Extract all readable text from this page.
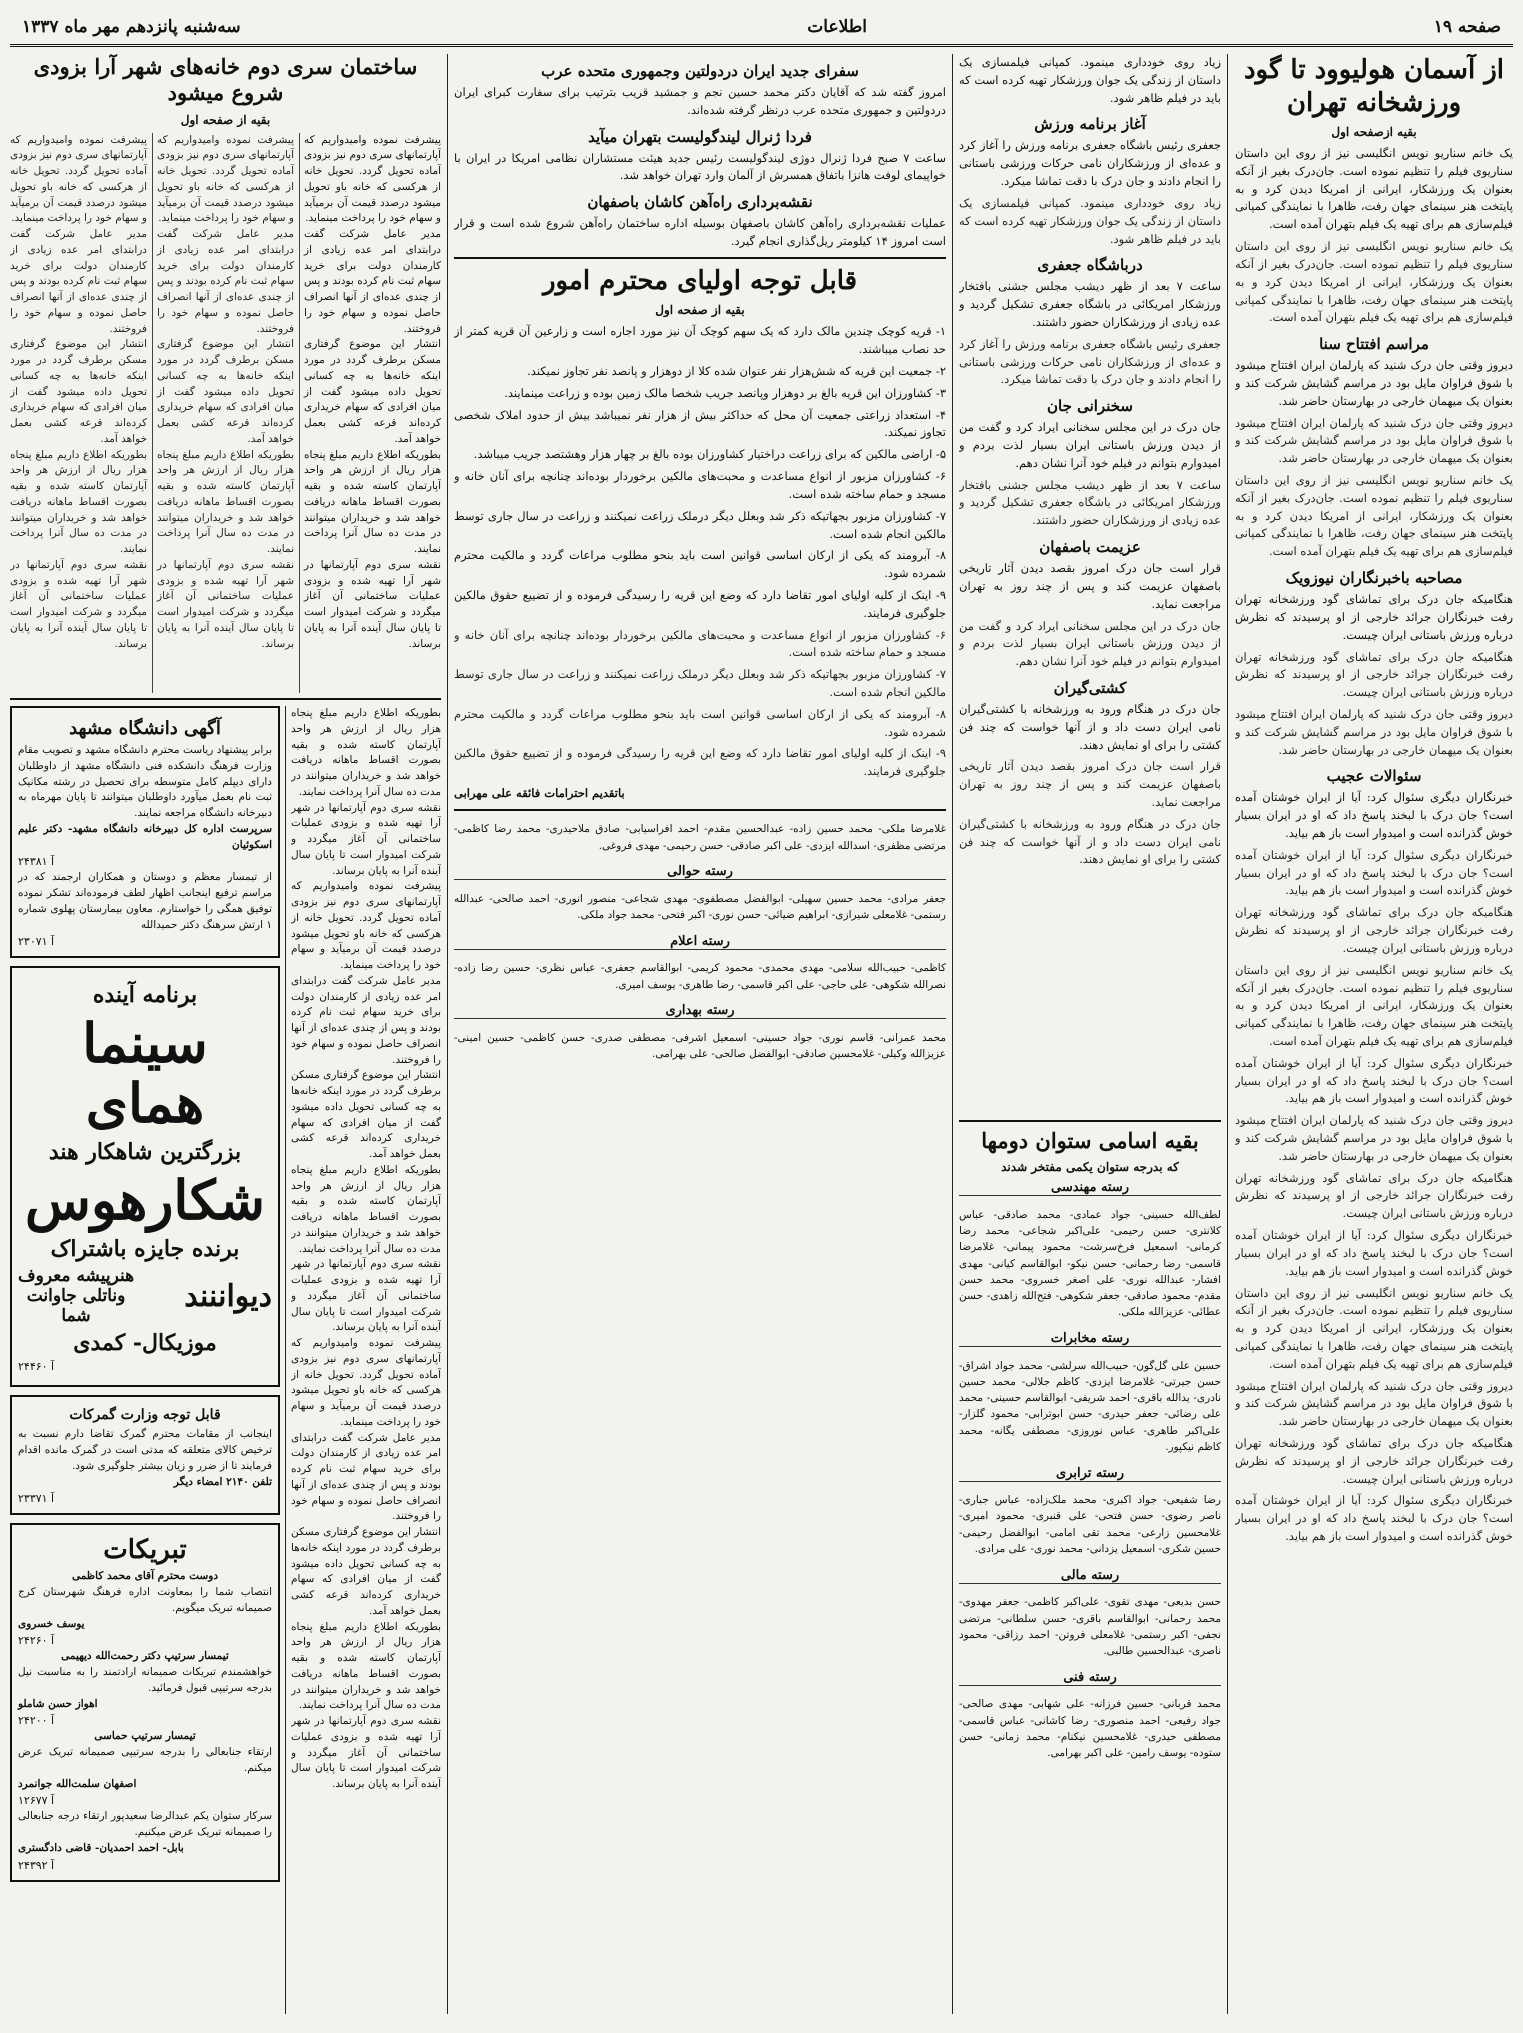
صفحه ۱۹
اطلاعات
سه‌شنبه پانزدهم مهر ماه ۱۳۳۷
از آسمان هولیوود تا گود ورزشخانه تهران
بقیه ازصفحه اول

یک خانم سناریو نویس انگلیسی نیز از روی این داستان سناریوی فیلم را تنظیم نموده است. جان‌درک بغیر از آنکه بعنوان یک ورزشکار، ایرانی از امریکا دیدن کرد و به پایتخت هنر سینمای جهان رفت، ظاهرا با نمایندگی کمپانی فیلم‌سازی هم برای تهیه یک فیلم بتهران آمده است.

یک خانم سناریو نویس انگلیسی نیز از روی این داستان سناریوی فیلم را تنظیم نموده است. جان‌درک بغیر از آنکه بعنوان یک ورزشکار، ایرانی از امریکا دیدن کرد و به پایتخت هنر سینمای جهان رفت، ظاهرا با نمایندگی کمپانی فیلم‌سازی هم برای تهیه یک فیلم بتهران آمده است.

مراسم افتتاح سنا

دیروز وقتی جان درک شنید که پارلمان ایران افتتاح میشود با شوق فراوان مایل بود در مراسم گشایش شرکت کند و بعنوان یک میهمان خارجی در بهارستان حاضر شد.

دیروز وقتی جان درک شنید که پارلمان ایران افتتاح میشود با شوق فراوان مایل بود در مراسم گشایش شرکت کند و بعنوان یک میهمان خارجی در بهارستان حاضر شد.

یک خانم سناریو نویس انگلیسی نیز از روی این داستان سناریوی فیلم را تنظیم نموده است. جان‌درک بغیر از آنکه بعنوان یک ورزشکار، ایرانی از امریکا دیدن کرد و به پایتخت هنر سینمای جهان رفت، ظاهرا با نمایندگی کمپانی فیلم‌سازی هم برای تهیه یک فیلم بتهران آمده است.

مصاحبه باخبرنگاران نیوزویک

هنگامیکه جان درک برای تماشای گود ورزشخانه تهران رفت خبرنگاران جرائد خارجی از او پرسیدند که نظرش درباره ورزش باستانی ایران چیست.

هنگامیکه جان درک برای تماشای گود ورزشخانه تهران رفت خبرنگاران جرائد خارجی از او پرسیدند که نظرش درباره ورزش باستانی ایران چیست.

دیروز وقتی جان درک شنید که پارلمان ایران افتتاح میشود با شوق فراوان مایل بود در مراسم گشایش شرکت کند و بعنوان یک میهمان خارجی در بهارستان حاضر شد.

سئوالات عجیب

خبرنگاران دیگری سئوال کرد: آیا از ایران خوشتان آمده است؟ جان درک با لبخند پاسخ داد که او در ایران بسیار خوش گذرانده است و امیدوار است باز هم بیاید.

خبرنگاران دیگری سئوال کرد: آیا از ایران خوشتان آمده است؟ جان درک با لبخند پاسخ داد که او در ایران بسیار خوش گذرانده است و امیدوار است باز هم بیاید.

هنگامیکه جان درک برای تماشای گود ورزشخانه تهران رفت خبرنگاران جرائد خارجی از او پرسیدند که نظرش درباره ورزش باستانی ایران چیست.

یک خانم سناریو نویس انگلیسی نیز از روی این داستان سناریوی فیلم را تنظیم نموده است. جان‌درک بغیر از آنکه بعنوان یک ورزشکار، ایرانی از امریکا دیدن کرد و به پایتخت هنر سینمای جهان رفت، ظاهرا با نمایندگی کمپانی فیلم‌سازی هم برای تهیه یک فیلم بتهران آمده است.

خبرنگاران دیگری سئوال کرد: آیا از ایران خوشتان آمده است؟ جان درک با لبخند پاسخ داد که او در ایران بسیار خوش گذرانده است و امیدوار است باز هم بیاید.

دیروز وقتی جان درک شنید که پارلمان ایران افتتاح میشود با شوق فراوان مایل بود در مراسم گشایش شرکت کند و بعنوان یک میهمان خارجی در بهارستان حاضر شد.

هنگامیکه جان درک برای تماشای گود ورزشخانه تهران رفت خبرنگاران جرائد خارجی از او پرسیدند که نظرش درباره ورزش باستانی ایران چیست.

خبرنگاران دیگری سئوال کرد: آیا از ایران خوشتان آمده است؟ جان درک با لبخند پاسخ داد که او در ایران بسیار خوش گذرانده است و امیدوار است باز هم بیاید.

یک خانم سناریو نویس انگلیسی نیز از روی این داستان سناریوی فیلم را تنظیم نموده است. جان‌درک بغیر از آنکه بعنوان یک ورزشکار، ایرانی از امریکا دیدن کرد و به پایتخت هنر سینمای جهان رفت، ظاهرا با نمایندگی کمپانی فیلم‌سازی هم برای تهیه یک فیلم بتهران آمده است.

دیروز وقتی جان درک شنید که پارلمان ایران افتتاح میشود با شوق فراوان مایل بود در مراسم گشایش شرکت کند و بعنوان یک میهمان خارجی در بهارستان حاضر شد.

هنگامیکه جان درک برای تماشای گود ورزشخانه تهران رفت خبرنگاران جرائد خارجی از او پرسیدند که نظرش درباره ورزش باستانی ایران چیست.

خبرنگاران دیگری سئوال کرد: آیا از ایران خوشتان آمده است؟ جان درک با لبخند پاسخ داد که او در ایران بسیار خوش گذرانده است و امیدوار است باز هم بیاید.

زیاد روی خودداری مینمود. کمپانی فیلمسازی یک داستان از زندگی یک جوان ورزشکار تهیه کرده است که باید در فیلم ظاهر شود.

آغاز برنامه ورزش

جعفری رئیس باشگاه جعفری برنامه ورزش را آغاز کرد و عده‌ای از ورزشکاران نامی حرکات ورزشی باستانی را انجام دادند و جان درک با دقت تماشا میکرد.

زیاد روی خودداری مینمود. کمپانی فیلمسازی یک داستان از زندگی یک جوان ورزشکار تهیه کرده است که باید در فیلم ظاهر شود.

درباشگاه جعفری

ساعت ۷ بعد از ظهر دیشب مجلس جشنی بافتخار ورزشکار امریکائی در باشگاه جعفری تشکیل گردید و عده زیادی از ورزشکاران حضور داشتند.

جعفری رئیس باشگاه جعفری برنامه ورزش را آغاز کرد و عده‌ای از ورزشکاران نامی حرکات ورزشی باستانی را انجام دادند و جان درک با دقت تماشا میکرد.

سخنرانی جان

جان درک در این مجلس سخنانی ایراد کرد و گفت من از دیدن ورزش باستانی ایران بسیار لذت بردم و امیدوارم بتوانم در فیلم خود آنرا نشان دهم.

ساعت ۷ بعد از ظهر دیشب مجلس جشنی بافتخار ورزشکار امریکائی در باشگاه جعفری تشکیل گردید و عده زیادی از ورزشکاران حضور داشتند.

عزیمت باصفهان

قرار است جان درک امروز بقصد دیدن آثار تاریخی باصفهان عزیمت کند و پس از چند روز به تهران مراجعت نماید.

جان درک در این مجلس سخنانی ایراد کرد و گفت من از دیدن ورزش باستانی ایران بسیار لذت بردم و امیدوارم بتوانم در فیلم خود آنرا نشان دهم.

کشتی‌گیران

جان درک در هنگام ورود به ورزشخانه با کشتی‌گیران نامی ایران دست داد و از آنها خواست که چند فن کشتی را برای او نمایش دهند.

قرار است جان درک امروز بقصد دیدن آثار تاریخی باصفهان عزیمت کند و پس از چند روز به تهران مراجعت نماید.

جان درک در هنگام ورود به ورزشخانه با کشتی‌گیران نامی ایران دست داد و از آنها خواست که چند فن کشتی را برای او نمایش دهند.

بقیه اسامی ستوان دومها
که بدرجه ستوان یکمی مفتخر شدند
رسته مهندسی

لطف‌الله حسینی- جواد عمادی- محمد صادقی- عباس کلانتری- حسن رحیمی- علی‌اکبر شجاعی- محمد رضا کرمانی- اسمعیل فرخ‌سرشت- محمود پیمانی- غلامرضا قاسمی- رضا رحمانی- حسن نیکو- ابوالقاسم کیانی- مهدی افشار- عبدالله نوری- علی اصغر خسروی- محمد حسن مقدم- محمود صادقی- جعفر شکوهی- فتح‌الله زاهدی- حسن عطائی- عزیزالله ملکی.

رسته مخابرات

حسین علی گل‌گون- حبیب‌الله سرلشی- محمد جواد اشراق- حسن جیرتی- غلامرضا ایزدی- کاظم جلالی- محمد حسین نادری- یدالله باقری- احمد شریفی- ابوالقاسم حسینی- محمد علی رضائی- جعفر حیدری- حسن ابوترابی- محمود گلزار- علی‌اکبر طاهری- عباس نوروزی- مصطفی یگانه- محمد کاظم نیکپور.

رسته ترابری

رضا شفیعی- جواد اکبری- محمد ملک‌زاده- عباس جباری- ناصر رضوی- حسن فتحی- علی قنبری- محمود امیری- غلامحسین زارعی- محمد تقی امامی- ابوالفضل رحیمی- حسین شکری- اسمعیل یزدانی- محمد نوری- علی مرادی.

رسته مالی

حسن بدیعی- مهدی تقوی- علی‌اکبر کاظمی- جعفر مهدوی- محمد رحمانی- ابوالقاسم باقری- حسن سلطانی- مرتضی نجفی- اکبر رستمی- غلامعلی فروتن- احمد رزاقی- محمود ناصری- عبدالحسین طالبی.

رسته فنی

محمد قربانی- حسین فرزانه- علی شهابی- مهدی صالحی- جواد رفیعی- احمد منصوری- رضا کاشانی- عباس قاسمی- مصطفی حیدری- غلامحسین نیکنام- محمد زمانی- حسن ستوده- یوسف رامین- علی اکبر بهرامی.

سفرای جدید ایران دردولتین وجمهوری متحده عرب

امروز گفته شد که آقایان دکتر محمد حسین نجم و جمشید قریب بترتیب برای سفارت کبرای ایران دردولتین و جمهوری متحده عرب درنظر گرفته شده‌اند.

فردا ژنرال لیندگولیست بتهران میآید

ساعت ۷ صبح فردا ژنرال دوژی لیندگولیست رئیس جدید هیئت مستشاران نظامی امریکا در ایران با خواپیمای لوفت هانزا باتفاق همسرش از آلمان وارد تهران خواهد شد.

نقشه‌برداری راه‌آهن کاشان باصفهان

عملیات نقشه‌برداری راه‌آهن کاشان باصفهان بوسیله اداره ساختمان راه‌آهن شروع شده است و قرار است امروز ۱۴ کیلومتر ریل‌گذاری انجام گیرد.

قابل توجه اولیای محترم امور
بقیه از صفحه اول

۱- قریه کوچک چندین مالک دارد که یک سهم کوچک آن نیز مورد اجاره است و زارعین آن قریه کمتر از حد نصاب میباشند.

۲- جمعیت این قریه که شش‌هزار نفر عنوان شده کلا از دوهزار و پانصد نفر تجاوز نمیکند.

۳- کشاورزان این قریه بالغ بر دوهزار وپانصد جریب شخصا مالک زمین بوده و زراعت مینمایند.

۴- استعداد زراعتی جمعیت آن محل که حداکثر بیش از هزار نفر نمیباشد بیش از حدود املاک شخصی تجاوز نمیکند.

۵- اراضی مالکین که برای زراعت دراختیار کشاورزان بوده بالغ بر چهار هزار وهشتصد جریب میباشد.

۶- کشاورزان مزبور از انواع مساعدت و محبت‌های مالکین برخوردار بوده‌اند چنانچه برای آنان خانه و مسجد و حمام ساخته شده است.

۷- کشاورزان مزبور بجهاتیکه ذکر شد وبعلل دیگر درملک زراعت نمیکنند و زراعت در سال جاری توسط مالکین انجام شده است.

۸- آبرومند که یکی از ارکان اساسی قوانین است باید بنحو مطلوب مراعات گردد و مالکیت محترم شمرده شود.

۹- اینک از کلیه اولیای امور تقاضا دارد که وضع این قریه را رسیدگی فرموده و از تضییع حقوق مالکین جلوگیری فرمایند.

۶- کشاورزان مزبور از انواع مساعدت و محبت‌های مالکین برخوردار بوده‌اند چنانچه برای آنان خانه و مسجد و حمام ساخته شده است.

۷- کشاورزان مزبور بجهاتیکه ذکر شد وبعلل دیگر درملک زراعت نمیکنند و زراعت در سال جاری توسط مالکین انجام شده است.

۸- آبرومند که یکی از ارکان اساسی قوانین است باید بنحو مطلوب مراعات گردد و مالکیت محترم شمرده شود.

۹- اینک از کلیه اولیای امور تقاضا دارد که وضع این قریه را رسیدگی فرموده و از تضییع حقوق مالکین جلوگیری فرمایند.

باتقدیم احترامات فائقه علی مهرابی

غلامرضا ملکی- محمد حسین زاده- عبدالحسین مقدم- احمد افراسیابی- صادق ملاحیدری- محمد رضا کاظمی- مرتضی مظفری- اسدالله ایزدی- علی اکبر صادقی- حسن رحیمی- مهدی فروغی.

رسته حوالی

جعفر مرادی- محمد حسین سهیلی- ابوالفضل مصطفوی- مهدی شجاعی- منصور انوری- احمد صالحی- عبدالله رستمی- غلامعلی شیرازی- ابراهیم ضیائی- حسن نوری- اکبر فتحی- محمد جواد ملکی.

رسته اعلام

کاظمی- حبیب‌الله سلامی- مهدی محمدی- محمود کریمی- ابوالقاسم جعفری- عباس نظری- حسین رضا زاده- نصرالله شکوهی- علی حاجی- علی اکبر قاسمی- رضا طاهری- یوسف امیری.

رسته بهداری

محمد عمرانی- قاسم نوری- جواد حسینی- اسمعیل اشرفی- مصطفی صدری- حسن کاظمی- حسین امینی- عزیزالله وکیلی- غلامحسین صادقی- ابوالفضل صالحی- علی بهرامی.

ساختمان سری دوم خانه‌های شهر آرا بزودی شروع میشود
بقیه از صفحه اول

پیشرفت نموده وامیدواریم که آپارتمانهای سری دوم نیز بزودی آماده تحویل گردد. تحویل خانه از هرکسی که خانه باو تحویل میشود درصدد قیمت آن برمیآید و سهام خود را پرداخت مینماید.

مدیر عامل شرکت گفت درابتدای امر عده زیادی از کارمندان دولت برای خرید سهام ثبت نام کرده بودند و پس از چندی عده‌ای از آنها انصراف حاصل نموده و سهام خود را فروختند.

انتشار این موضوع گرفتاری مسکن برطرف گردد در مورد اینکه خانه‌ها به چه کسانی تحویل داده میشود گفت از میان افرادی که سهام خریداری کرده‌اند قرعه کشی بعمل خواهد آمد.

بطوریکه اطلاع داریم مبلغ پنجاه هزار ریال از ارزش هر واحد آپارتمان کاسته شده و بقیه بصورت اقساط ماهانه دریافت خواهد شد و خریداران میتوانند در مدت ده سال آنرا پرداخت نمایند.

نقشه سری دوم آپارتمانها در شهر آرا تهیه شده و بزودی عملیات ساختمانی آن آغاز میگردد و شرکت امیدوار است تا پایان سال آینده آنرا به پایان برساند.

پیشرفت نموده وامیدواریم که آپارتمانهای سری دوم نیز بزودی آماده تحویل گردد. تحویل خانه از هرکسی که خانه باو تحویل میشود درصدد قیمت آن برمیآید و سهام خود را پرداخت مینماید.

مدیر عامل شرکت گفت درابتدای امر عده زیادی از کارمندان دولت برای خرید سهام ثبت نام کرده بودند و پس از چندی عده‌ای از آنها انصراف حاصل نموده و سهام خود را فروختند.

انتشار این موضوع گرفتاری مسکن برطرف گردد در مورد اینکه خانه‌ها به چه کسانی تحویل داده میشود گفت از میان افرادی که سهام خریداری کرده‌اند قرعه کشی بعمل خواهد آمد.

بطوریکه اطلاع داریم مبلغ پنجاه هزار ریال از ارزش هر واحد آپارتمان کاسته شده و بقیه بصورت اقساط ماهانه دریافت خواهد شد و خریداران میتوانند در مدت ده سال آنرا پرداخت نمایند.

نقشه سری دوم آپارتمانها در شهر آرا تهیه شده و بزودی عملیات ساختمانی آن آغاز میگردد و شرکت امیدوار است تا پایان سال آینده آنرا به پایان برساند.

پیشرفت نموده وامیدواریم که آپارتمانهای سری دوم نیز بزودی آماده تحویل گردد. تحویل خانه از هرکسی که خانه باو تحویل میشود درصدد قیمت آن برمیآید و سهام خود را پرداخت مینماید.

مدیر عامل شرکت گفت درابتدای امر عده زیادی از کارمندان دولت برای خرید سهام ثبت نام کرده بودند و پس از چندی عده‌ای از آنها انصراف حاصل نموده و سهام خود را فروختند.

انتشار این موضوع گرفتاری مسکن برطرف گردد در مورد اینکه خانه‌ها به چه کسانی تحویل داده میشود گفت از میان افرادی که سهام خریداری کرده‌اند قرعه کشی بعمل خواهد آمد.

بطوریکه اطلاع داریم مبلغ پنجاه هزار ریال از ارزش هر واحد آپارتمان کاسته شده و بقیه بصورت اقساط ماهانه دریافت خواهد شد و خریداران میتوانند در مدت ده سال آنرا پرداخت نمایند.

نقشه سری دوم آپارتمانها در شهر آرا تهیه شده و بزودی عملیات ساختمانی آن آغاز میگردد و شرکت امیدوار است تا پایان سال آینده آنرا به پایان برساند.

بطوریکه اطلاع داریم مبلغ پنجاه هزار ریال از ارزش هر واحد آپارتمان کاسته شده و بقیه بصورت اقساط ماهانه دریافت خواهد شد و خریداران میتوانند در مدت ده سال آنرا پرداخت نمایند.

نقشه سری دوم آپارتمانها در شهر آرا تهیه شده و بزودی عملیات ساختمانی آن آغاز میگردد و شرکت امیدوار است تا پایان سال آینده آنرا به پایان برساند.

پیشرفت نموده وامیدواریم که آپارتمانهای سری دوم نیز بزودی آماده تحویل گردد. تحویل خانه از هرکسی که خانه باو تحویل میشود درصدد قیمت آن برمیآید و سهام خود را پرداخت مینماید.

مدیر عامل شرکت گفت درابتدای امر عده زیادی از کارمندان دولت برای خرید سهام ثبت نام کرده بودند و پس از چندی عده‌ای از آنها انصراف حاصل نموده و سهام خود را فروختند.

انتشار این موضوع گرفتاری مسکن برطرف گردد در مورد اینکه خانه‌ها به چه کسانی تحویل داده میشود گفت از میان افرادی که سهام خریداری کرده‌اند قرعه کشی بعمل خواهد آمد.

بطوریکه اطلاع داریم مبلغ پنجاه هزار ریال از ارزش هر واحد آپارتمان کاسته شده و بقیه بصورت اقساط ماهانه دریافت خواهد شد و خریداران میتوانند در مدت ده سال آنرا پرداخت نمایند.

نقشه سری دوم آپارتمانها در شهر آرا تهیه شده و بزودی عملیات ساختمانی آن آغاز میگردد و شرکت امیدوار است تا پایان سال آینده آنرا به پایان برساند.

پیشرفت نموده وامیدواریم که آپارتمانهای سری دوم نیز بزودی آماده تحویل گردد. تحویل خانه از هرکسی که خانه باو تحویل میشود درصدد قیمت آن برمیآید و سهام خود را پرداخت مینماید.

مدیر عامل شرکت گفت درابتدای امر عده زیادی از کارمندان دولت برای خرید سهام ثبت نام کرده بودند و پس از چندی عده‌ای از آنها انصراف حاصل نموده و سهام خود را فروختند.

انتشار این موضوع گرفتاری مسکن برطرف گردد در مورد اینکه خانه‌ها به چه کسانی تحویل داده میشود گفت از میان افرادی که سهام خریداری کرده‌اند قرعه کشی بعمل خواهد آمد.

بطوریکه اطلاع داریم مبلغ پنجاه هزار ریال از ارزش هر واحد آپارتمان کاسته شده و بقیه بصورت اقساط ماهانه دریافت خواهد شد و خریداران میتوانند در مدت ده سال آنرا پرداخت نمایند.

نقشه سری دوم آپارتمانها در شهر آرا تهیه شده و بزودی عملیات ساختمانی آن آغاز میگردد و شرکت امیدوار است تا پایان سال آینده آنرا به پایان برساند.

آگهی دانشگاه مشهد

برابر پیشنهاد ریاست محترم دانشگاه مشهد و تصویب مقام وزارت فرهنگ دانشکده فنی دانشگاه مشهد از داوطلبان دارای دیپلم کامل متوسطه برای تحصیل در رشته مکانیک ثبت نام بعمل میآورد داوطلبان میتوانند تا پایان مهرماه به دبیرخانه دانشگاه مراجعه نمایند.

سرپرست اداره کل دبیرخانه دانشگاه مشهد- دکتر علیم اسکوئیان

آ ۲۴۳۸۱

از تیمسار معظم و دوستان و همکاران ارجمند که در مراسم ترفیع اینجانب اظهار لطف فرموده‌اند تشکر نموده توفیق همگی را خواستارم. معاون بیمارستان پهلوی شماره ۱ ارتش سرهنگ دکتر حمیدالله

آ ۲۳۰۷۱
برنامه آینده
سینما همای
بزرگترین شاهکار هند
شکارهوس
برنده جایزه باشتراک
دیواننند
هنرپیشه معروف
وناتلی جاوانت
شما
موزیکال- کمدی
آ ۲۴۴۶۰
قابل توجه وزارت گمرکات

اینجانب از مقامات محترم گمرک تقاضا دارم نسبت به ترخیص کالای متعلقه که مدتی است در گمرک مانده اقدام فرمایند تا از ضرر و زیان بیشتر جلوگیری شود.

تلفن ۲۱۴۰ امضاء دیگر

آ ۲۳۳۷۱
تبریکات

دوست محترم آقای محمد کاظمی

انتصاب شما را بمعاونت اداره فرهنگ شهرستان کرج صمیمانه تبریک میگویم.

یوسف خسروی

آ ۲۴۲۶۰

تیمسار سرتیپ دکتر رحمت‌الله دیهیمی

خواهشمندم تبریکات صمیمانه ارادتمند را به مناسبت نیل بدرجه سرتیپی قبول فرمائید.

اهواز حسن شاملو

آ ۲۴۲۰۰

تیمسار سرتیپ حماسی

ارتقاء جنابعالی را بدرجه سرتیپی صمیمانه تبریک عرض میکنم.

اصفهان سلمت‌الله جوانمرد

آ ۱۲۶۷۷

سرکار ستوان یکم عبدالرضا سعیدپور ارتقاء درجه جنابعالی را صمیمانه تبریک عرض میکنیم.

بابل- احمد احمدیان- قاضی دادگستری

آ ۲۴۳۹۲
